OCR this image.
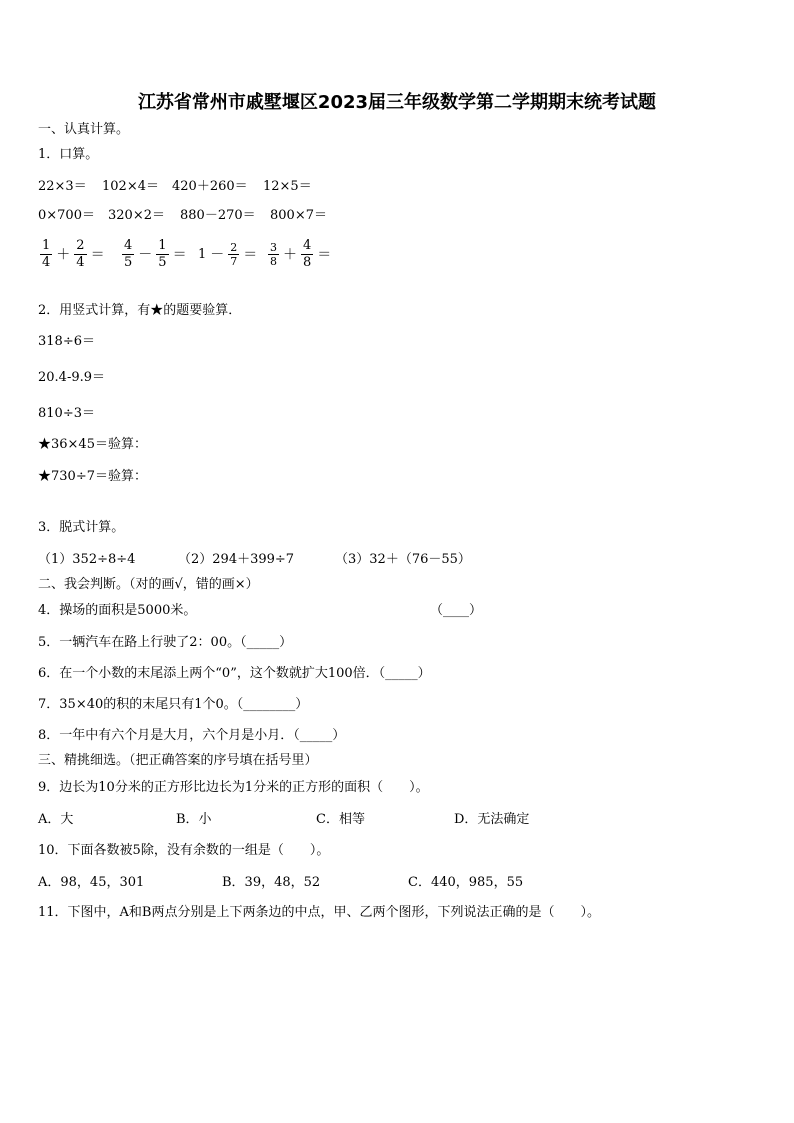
江苏省常州市戚墅堰区2023届三年级数学第二学期期末统考试题
一、认真计算。
1．口算。
22×3＝ 102×4＝ 420＋260＝ 12×5＝
0×700＝ 320×2＝ 880－270＝ 800×7＝
$\frac{1}{4} + \frac{2}{4} = \frac{4}{5} - \frac{1}{5} = 1 - \frac{2}{7} = \frac{3}{8} + \frac{4}{8}$ ＝
2．用竖式计算，有★的题要验算．
318÷6＝
20.4-9.9＝
810÷3＝
★36×45＝验算：
★730÷7＝验算：
3．脱式计算。
（1）352÷8÷4	（2）294＋399÷7	（3）32＋（76－55）
二、我会判断。（对的画√，错的画×）
4．操场的面积是5000米。	（____）
5．一辆汽车在路上行驶了2：00。（_____）
6．在一个小数的末尾添上两个“0”，这个数就扩大100倍．（_____）
7．35×40的积的末尾只有1个0。（________）
8．一年中有六个月是大月，六个月是小月．（_____）
三、精挑细选。（把正确答案的序号填在括号里）
9．边长为10分米的正方形比边长为1分米的正方形的面积（　　）。
A．大	B．小	C．相等	D．无法确定
10．下面各数被5除，没有余数的一组是（　　）。
A．98，45，301	B．39，48，52	C．440，985，55
11．下图中，A和B两点分别是上下两条边的中点，甲、乙两个图形，下列说法正确的是（　　）。
